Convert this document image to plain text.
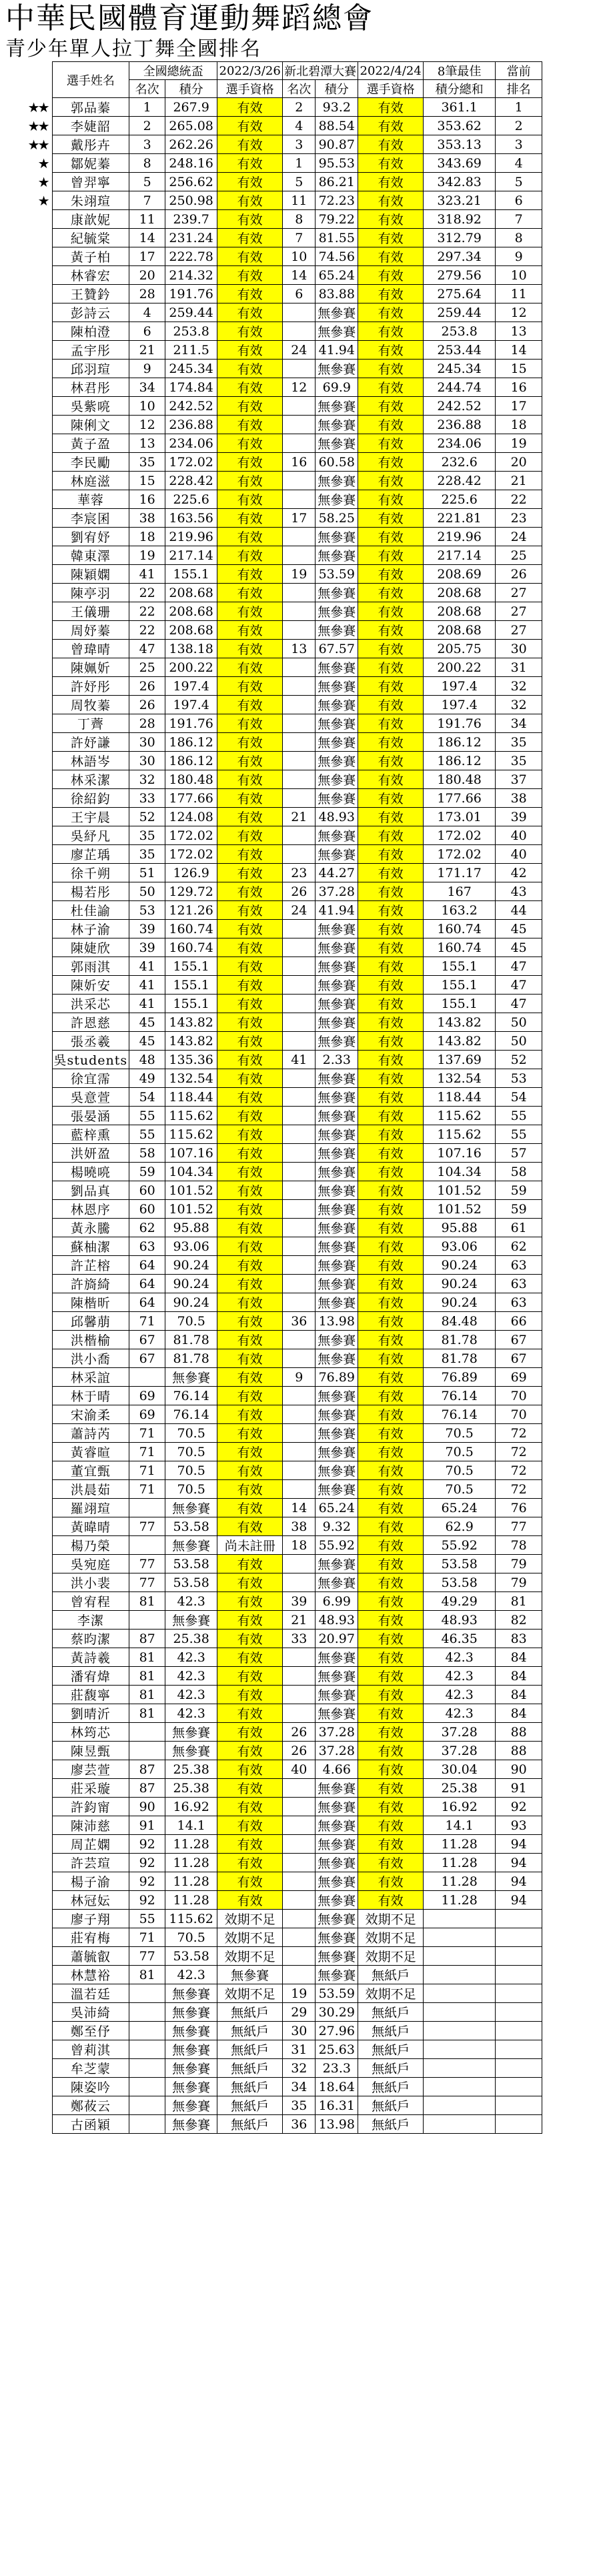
中華民國體育運動舞蹈總會
青少年單人拉丁舞全國排名
	選手姓名	全國總統盃		2022/3/26	新北碧潭大賽		2022/4/24	8筆最佳	當前
		名次	積分	選手資格	名次	積分	選手資格	積分總和	排名
★★	郭品蓁	1	267.9	有效	2	93.2	有效	361.1	1
★★	李婕韶	2	265.08	有效	4	88.54	有效	353.62	2
★★	戴彤卉	3	262.26	有效	3	90.87	有效	353.13	3
★	鄒妮蓁	8	248.16	有效	1	95.53	有效	343.69	4
★	曾羿寧	5	256.62	有效	5	86.21	有效	342.83	5
★	朱翊瑄	7	250.98	有效	11	72.23	有效	323.21	6
	康歆妮	11	239.7	有效	8	79.22	有效	318.92	7
	紀毓棠	14	231.24	有效	7	81.55	有效	312.79	8
	黃子柏	17	222.78	有效	10	74.56	有效	297.34	9
	林睿宏	20	214.32	有效	14	65.24	有效	279.56	10
	王贊鈐	28	191.76	有效	6	83.88	有效	275.64	11
	彭詩云	4	259.44	有效		無參賽	有效	259.44	12
	陳柏澄	6	253.8	有效		無參賽	有效	253.8	13
	孟宇彤	21	211.5	有效	24	41.94	有效	253.44	14
	邱羽瑄	9	245.34	有效		無參賽	有效	245.34	15
	林君彤	34	174.84	有效	12	69.9	有效	244.74	16
	吳紫喨	10	242.52	有效		無參賽	有效	242.52	17
	陳俐文	12	236.88	有效		無參賽	有效	236.88	18
	黃子盈	13	234.06	有效		無參賽	有效	234.06	19
	李民勵	35	172.02	有效	16	60.58	有效	232.6	20
	林庭滋	15	228.42	有效		無參賽	有效	228.42	21
	華蓉	16	225.6	有效		無參賽	有效	225.6	22
	李宸囷	38	163.56	有效	17	58.25	有效	221.81	23
	劉宥妤	18	219.96	有效		無參賽	有效	219.96	24
	韓東澤	19	217.14	有效		無參賽	有效	217.14	25
	陳穎嫻	41	155.1	有效	19	53.59	有效	208.69	26
	陳亭羽	22	208.68	有效		無參賽	有效	208.68	27
	王儀珊	22	208.68	有效		無參賽	有效	208.68	27
	周妤蓁	22	208.68	有效		無參賽	有效	208.68	27
	曾瑋晴	47	138.18	有效	13	67.57	有效	205.75	30
	陳姵妡	25	200.22	有效		無參賽	有效	200.22	31
	許妤彤	26	197.4	有效		無參賽	有效	197.4	32
	周牧蓁	26	197.4	有效		無參賽	有效	197.4	32
	丁薺	28	191.76	有效		無參賽	有效	191.76	34
	許妤謙	30	186.12	有效		無參賽	有效	186.12	35
	林語岑	30	186.12	有效		無參賽	有效	186.12	35
	林采潔	32	180.48	有效		無參賽	有效	180.48	37
	徐紹鈞	33	177.66	有效		無參賽	有效	177.66	38
	王宇晨	52	124.08	有效	21	48.93	有效	173.01	39
	吳紓凡	35	172.02	有效		無參賽	有效	172.02	40
	廖芷瑀	35	172.02	有效		無參賽	有效	172.02	40
	徐千朔	51	126.9	有效	23	44.27	有效	171.17	42
	楊若彤	50	129.72	有效	26	37.28	有效	167	43
	杜佳諭	53	121.26	有效	24	41.94	有效	163.2	44
	林子渝	39	160.74	有效		無參賽	有效	160.74	45
	陳婕欣	39	160.74	有效		無參賽	有效	160.74	45
	郭雨淇	41	155.1	有效		無參賽	有效	155.1	47
	陳妡安	41	155.1	有效		無參賽	有效	155.1	47
	洪采芯	41	155.1	有效		無參賽	有效	155.1	47
	許恩慈	45	143.82	有效		無參賽	有效	143.82	50
	張丞羲	45	143.82	有效		無參賽	有效	143.82	50
	吳students	48	135.36	有效	41	2.33	有效	137.69	52
	徐宜霈	49	132.54	有效		無參賽	有效	132.54	53
	吳意萱	54	118.44	有效		無參賽	有效	118.44	54
	張晏涵	55	115.62	有效		無參賽	有效	115.62	55
	藍梓熏	55	115.62	有效		無參賽	有效	115.62	55
	洪妍盈	58	107.16	有效		無參賽	有效	107.16	57
	楊曉喨	59	104.34	有效		無參賽	有效	104.34	58
	劉品真	60	101.52	有效		無參賽	有效	101.52	59
	林恩序	60	101.52	有效		無參賽	有效	101.52	59
	黃永騰	62	95.88	有效		無參賽	有效	95.88	61
	蘇柚潔	63	93.06	有效		無參賽	有效	93.06	62
	許芷榕	64	90.24	有效		無參賽	有效	90.24	63
	許旖綺	64	90.24	有效		無參賽	有效	90.24	63
	陳楷昕	64	90.24	有效		無參賽	有效	90.24	63
	邱馨萠	71	70.5	有效	36	13.98	有效	84.48	66
	洪楷榆	67	81.78	有效		無參賽	有效	81.78	67
	洪小喬	67	81.78	有效		無參賽	有效	81.78	67
	林采誼		無參賽	有效	9	76.89	有效	76.89	69
	林于晴	69	76.14	有效		無參賽	有效	76.14	70
	宋渝柔	69	76.14	有效		無參賽	有效	76.14	70
	蕭詩芮	71	70.5	有效		無參賽	有效	70.5	72
	黃睿暄	71	70.5	有效		無參賽	有效	70.5	72
	董宜甄	71	70.5	有效		無參賽	有效	70.5	72
	洪晨茹	71	70.5	有效		無參賽	有效	70.5	72
	羅翊瑄		無參賽	有效	14	65.24	有效	65.24	76
	黃暐晴	77	53.58	有效	38	9.32	有效	62.9	77
	楊乃榮		無參賽	尚未註冊	18	55.92	有效	55.92	78
	吳宛庭	77	53.58	有效		無參賽	有效	53.58	79
	洪小裴	77	53.58	有效		無參賽	有效	53.58	79
	曾宥程	81	42.3	有效	39	6.99	有效	49.29	81
	李潔		無參賽	有效	21	48.93	有效	48.93	82
	蔡昀潔	87	25.38	有效	33	20.97	有效	46.35	83
	黃詩羲	81	42.3	有效		無參賽	有效	42.3	84
	潘宥煒	81	42.3	有效		無參賽	有效	42.3	84
	莊馥寧	81	42.3	有效		無參賽	有效	42.3	84
	劉晴沂	81	42.3	有效		無參賽	有效	42.3	84
	林筠芯		無參賽	有效	26	37.28	有效	37.28	88
	陳昱甄		無參賽	有效	26	37.28	有效	37.28	88
	廖芸萱	87	25.38	有效	40	4.66	有效	30.04	90
	莊采璇	87	25.38	有效		無參賽	有效	25.38	91
	許鈞甯	90	16.92	有效		無參賽	有效	16.92	92
	陳沛慈	91	14.1	有效		無參賽	有效	14.1	93
	周芷嫻	92	11.28	有效		無參賽	有效	11.28	94
	許芸瑄	92	11.28	有效		無參賽	有效	11.28	94
	楊子渝	92	11.28	有效		無參賽	有效	11.28	94
	林冠妘	92	11.28	有效		無參賽	有效	11.28	94
	廖子翔	55	115.62	效期不足		無參賽	效期不足		
	莊宥梅	71	70.5	效期不足		無參賽	效期不足		
	蕭毓叡	77	53.58	效期不足		無參賽	效期不足		
	林慧裕	81	42.3	無參賽		無參賽	無紙戶		
	溫若廷		無參賽	效期不足	19	53.59	效期不足		
	吳沛綺		無參賽	無紙戶	29	30.29	無紙戶		
	鄭至伃		無參賽	無紙戶	30	27.96	無紙戶		
	曾莉淇		無參賽	無紙戶	31	25.63	無紙戶		
	牟芝蒙		無參賽	無紙戶	32	23.3	無紙戶		
	陳姿吟		無參賽	無紙戶	34	18.64	無紙戶		
	鄭莜云		無參賽	無紙戶	35	16.31	無紙戶		
	古函穎		無參賽	無紙戶	36	13.98	無紙戶		
